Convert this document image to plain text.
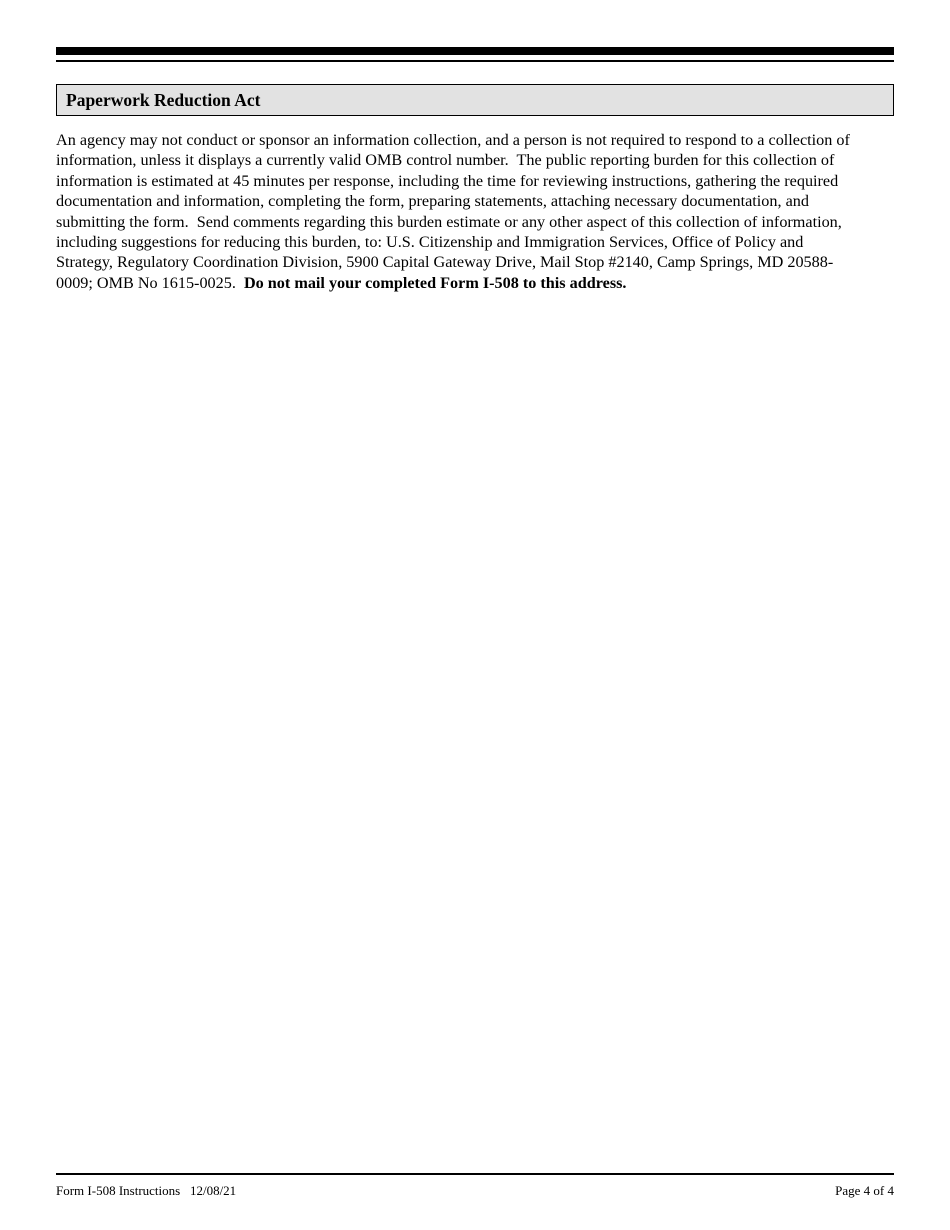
Paperwork Reduction Act
An agency may not conduct or sponsor an information collection, and a person is not required to respond to a collection of
information, unless it displays a currently valid OMB control number.  The public reporting burden for this collection of
information is estimated at 45 minutes per response, including the time for reviewing instructions, gathering the required
documentation and information, completing the form, preparing statements, attaching necessary documentation, and
submitting the form.  Send comments regarding this burden estimate or any other aspect of this collection of information,
including suggestions for reducing this burden, to: U.S. Citizenship and Immigration Services, Office of Policy and
Strategy, Regulatory Coordination Division, 5900 Capital Gateway Drive, Mail Stop #2140, Camp Springs, MD 20588-
0009; OMB No 1615-0025.  Do not mail your completed Form I-508 to this address.
Form I-508 Instructions   12/08/21	Page 4 of 4
